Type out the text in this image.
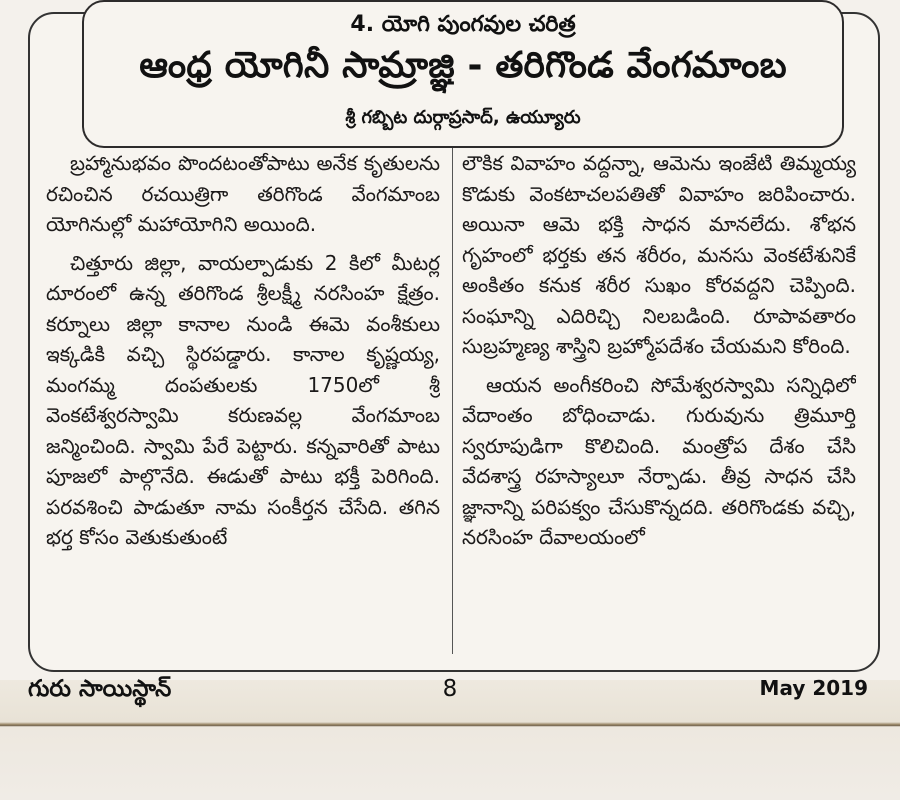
4. యోగి పుంగవుల చరిత్ర
ఆంధ్ర యోగినీ సామ్రాజ్ఞి - తరిగొండ వేంగమాంబ
శ్రీ గబ్బిట దుర్గాప్రసాద్, ఉయ్యూరు

బ్రహ్మానుభవం పొందటంతోపాటు అనేక కృతులను రచించిన రచయిత్రిగా తరిగొండ వేంగమాంబ యోగినుల్లో మహాయోగిని అయింది.

చిత్తూరు జిల్లా, వాయల్పాడుకు 2 కిలో మీటర్ల దూరంలో ఉన్న తరిగొండ శ్రీలక్ష్మీ నరసింహ క్షేత్రం. కర్నూలు జిల్లా కానాల నుండి ఈమె వంశీకులు ఇక్కడికి వచ్చి స్థిరపడ్డారు. కానాల కృష్ణయ్య, మంగమ్మ దంపతులకు 1750లో శ్రీ వెంకటేశ్వరస్వామి కరుణవల్ల వేంగమాంబ జన్మించింది. స్వామి పేరే పెట్టారు. కన్నవారితో పాటు పూజలో పాల్గొనేది. ఈడుతో పాటు భక్తీ పెరిగింది. పరవశించి పాడుతూ నామ సంకీర్తన చేసేది. తగిన భర్త కోసం వెతుకుతుంటే

లౌకిక వివాహం వద్దన్నా, ఆమెను ఇంజేటి తిమ్మయ్య కొడుకు వెంకటాచలపతితో వివాహం జరిపించారు. అయినా ఆమె భక్తి సాధన మానలేదు. శోభన గృహంలో భర్తకు తన శరీరం, మనసు వెంకటేశునికే అంకితం కనుక శరీర సుఖం కోరవద్దని చెప్పింది. సంఘాన్ని ఎదిరిచ్చి నిలబడింది. రూపావతారం సుబ్రహ్మణ్య శాస్త్రిని బ్రహ్మోపదేశం చేయమని కోరింది.

ఆయన అంగీకరించి సోమేశ్వరస్వామి సన్నిధిలో వేదాంతం బోధించాడు. గురువును త్రిమూర్తి స్వరూపుడిగా కొలిచింది. మంత్రోప దేశం చేసి వేదశాస్త్ర రహస్యాలూ నేర్పాడు. తీవ్ర సాధన చేసి జ్ఞానాన్ని పరిపక్వం చేసుకొన్నదది. తరిగొండకు వచ్చి, నరసింహ దేవాలయంలో

గురు సాయిస్థాన్	8	May 2019
